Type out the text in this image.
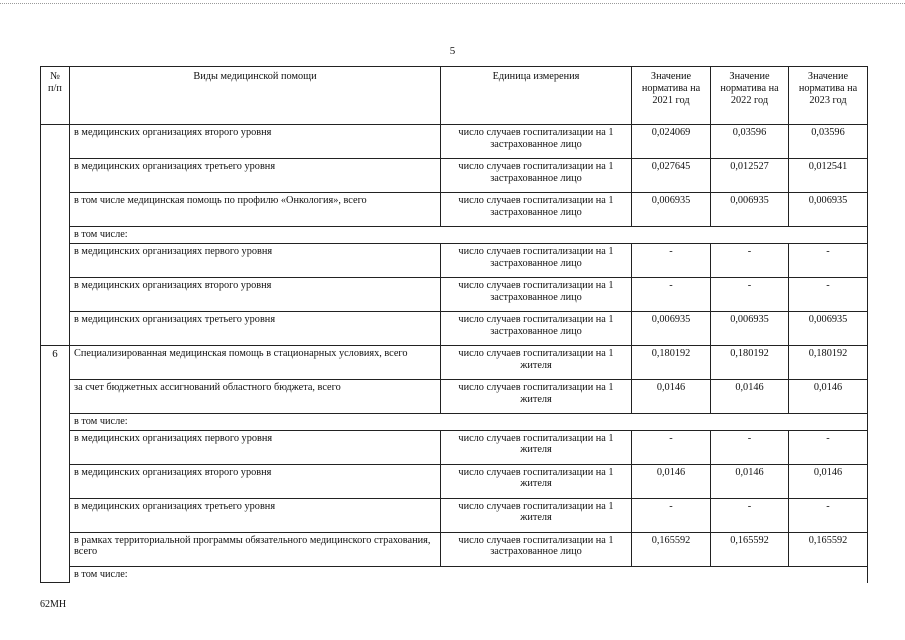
5
№ п/п	Виды медицинской помощи	Единица измерения	Значение норматива на 2021 год	Значение норматива на 2022 год	Значение норматива на 2023 год
	в медицинских организациях второго уровня	число случаев госпитализации на 1 застрахованное лицо	0,024069	0,03596	0,03596
	в медицинских организациях третьего уровня	число случаев госпитализации на 1 застрахованное лицо	0,027645	0,012527	0,012541
	в том числе медицинская помощь по профилю «Онкология», всего	число случаев госпитализации на 1 застрахованное лицо	0,006935	0,006935	0,006935
	в том числе:				
	в медицинских организациях первого уровня	число случаев госпитализации на 1 застрахованное лицо	-	-	-
	в медицинских организациях второго уровня	число случаев госпитализации на 1 застрахованное лицо	-	-	-
	в медицинских организациях третьего уровня	число случаев госпитализации на 1 застрахованное лицо	0,006935	0,006935	0,006935
6	Специализированная медицинская помощь в стационарных условиях, всего	число случаев госпитализации на 1 жителя	0,180192	0,180192	0,180192
	за счет бюджетных ассигнований областного бюджета, всего	число случаев госпитализации на 1 жителя	0,0146	0,0146	0,0146
	в том числе:				
	в медицинских организациях первого уровня	число случаев госпитализации на 1 жителя	-	-	-
	в медицинских организациях второго уровня	число случаев госпитализации на 1 жителя	0,0146	0,0146	0,0146
	в медицинских организациях третьего уровня	число случаев госпитализации на 1 жителя	-	-	-
	в рамках территориальной программы обязательного медицинского страхования, всего	число случаев госпитализации на 1 застрахованное лицо	0,165592	0,165592	0,165592
	в том числе:				
62МН
